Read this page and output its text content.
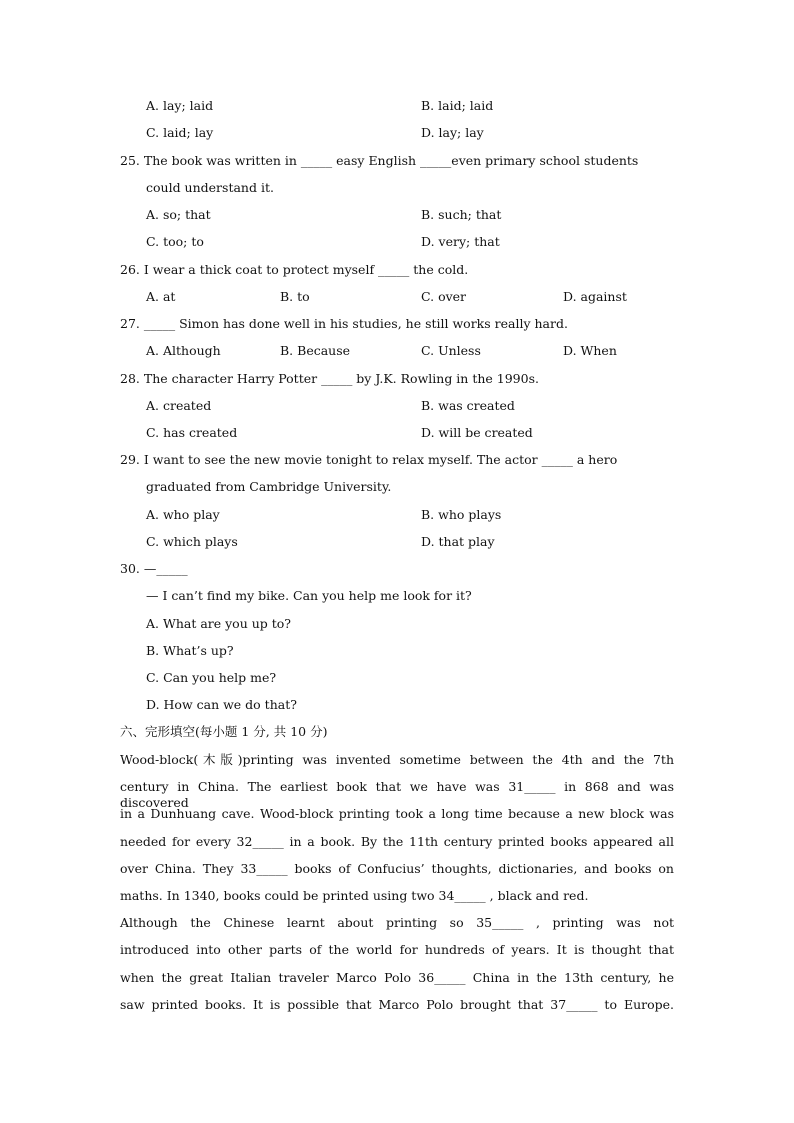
A. lay; laid	B. laid; laid
C. laid; lay	D. lay; lay
25. The book was written in _____ easy English _____even primary school students
could understand it.
A. so; that	B. such; that
C. too; to	D. very; that
26. I wear a thick coat to protect myself _____ the cold.
A. at	B. to	C. over	D. against
27. _____ Simon has done well in his studies, he still works really hard.
A. Although	B. Because	C. Unless	D. When
28. The character Harry Potter _____ by J.K. Rowling in the 1990s.
A. created	B. was created
C. has created	D. will be created
29. I want to see the new movie tonight to relax myself. The actor _____ a hero
graduated from Cambridge University.
A. who play	B. who plays
C. which plays	D. that play
30. —_____
— I can’t find my bike. Can you help me look for it?
A. What are you up to?
B. What’s up?
C. Can you help me?
D. How can we do that?
六、完形填空(每小题 1 分, 共 10 分)
Wood-block(木版)printing was invented sometime between the 4th and the 7th
century in China. The earliest book that we have was 31_____ in 868 and was discovered
in a Dunhuang cave. Wood-block printing took a long time because a new block was
needed for every 32_____ in a book. By the 11th century printed books appeared all
over China. They 33_____ books of Confucius’ thoughts, dictionaries, and books on
maths. In 1340, books could be printed using two 34_____ , black and red.
Although the Chinese learnt about printing so 35_____ , printing was not
introduced into other parts of the world for hundreds of years. It is thought that
when the great Italian traveler Marco Polo 36_____ China in the 13th century, he
saw printed books. It is possible that Marco Polo brought that 37_____ to Europe.
